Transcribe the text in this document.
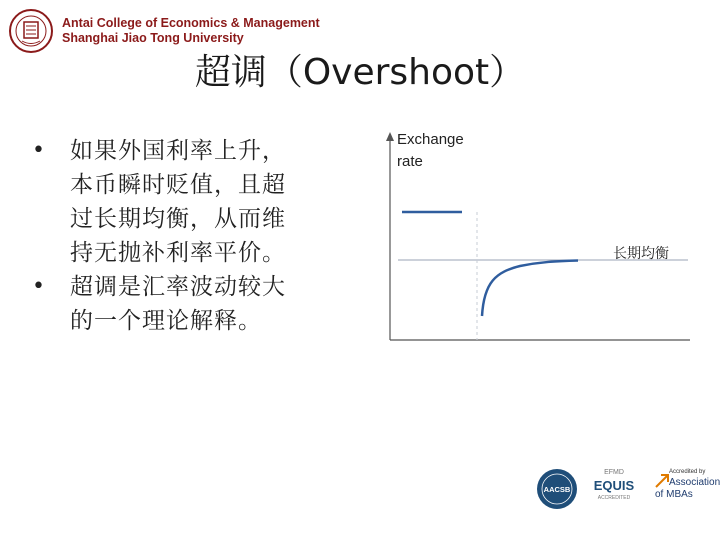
Antai College of Economics & Management
Shanghai Jiao Tong University
超调（Overshoot）
• 如果外国利率上升，
本币瞬时贬值，且超
过长期均衡，从而维
持无抛补利率平价。
• 超调是汇率波动较大
的一个理论解释。
Exchange
rate
长期均衡
AACSB
EFMD
EQUIS
ACCREDITED
Accredited by
Association
of MBAs
